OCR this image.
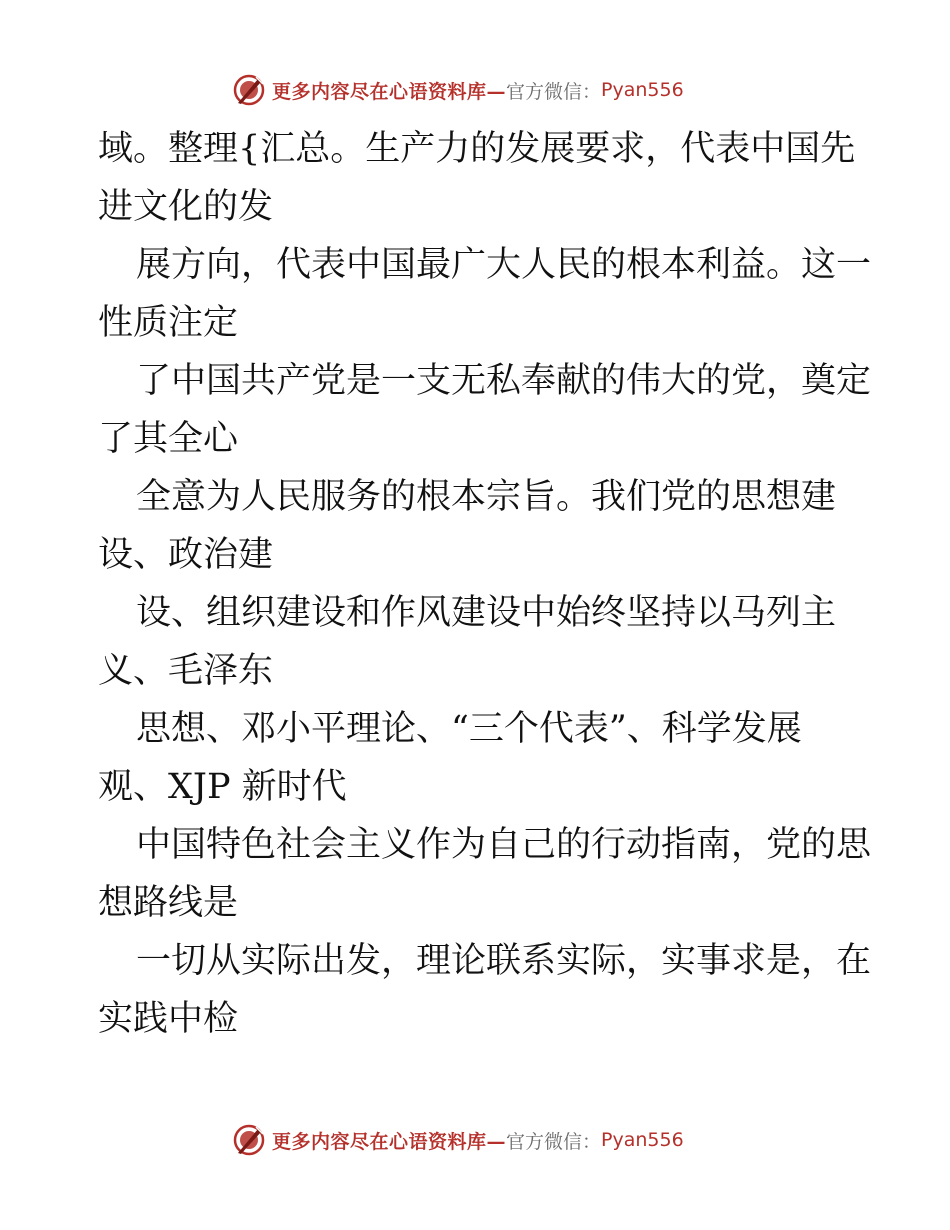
更多内容尽在心语资料库— 官方微信： Pyan556
域。整理{汇总。生产力的发展要求，代表中国先
进文化的发
展方向，代表中国最广大人民的根本利益。这一
性质注定
了中国共产党是一支无私奉献的伟大的党，奠定
了其全心
全意为人民服务的根本宗旨。我们党的思想建
设、政治建
设、组织建设和作风建设中始终坚持以马列主
义、毛泽东
思想、邓小平理论、“三个代表”、科学发展
观、XJP 新时代
中国特色社会主义作为自己的行动指南，党的思
想路线是
一切从实际出发，理论联系实际，实事求是，在
实践中检
更多内容尽在心语资料库— 官方微信： Pyan556
